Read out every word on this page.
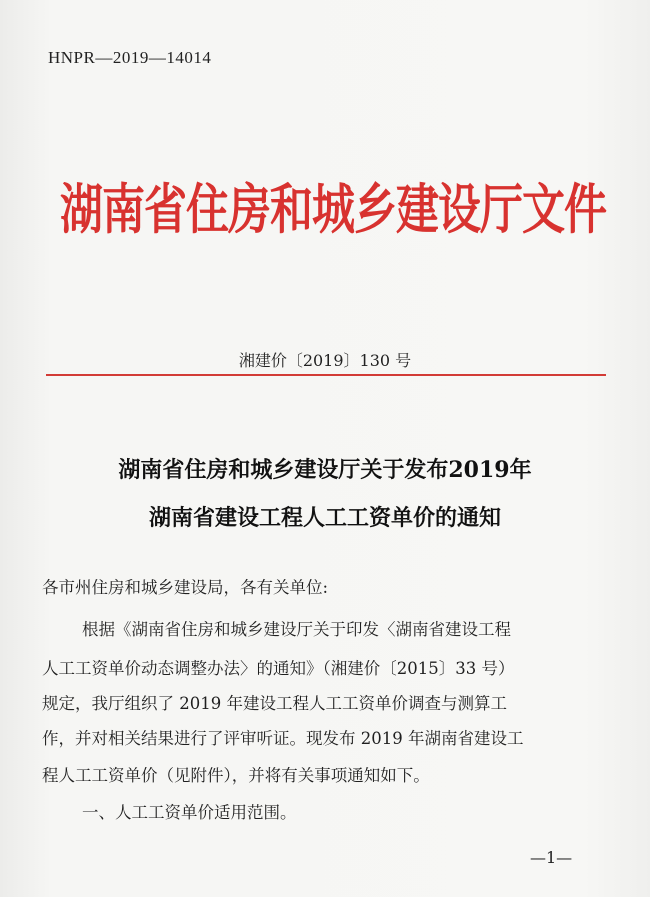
HNPR—2019—14014
湖南省住房和城乡建设厅文件
湘建价〔2019〕130 号
湖南省住房和城乡建设厅关于发布2019年
湖南省建设工程人工工资单价的通知
各市州住房和城乡建设局，各有关单位:
根据《湖南省住房和城乡建设厅关于印发〈湖南省建设工程
人工工资单价动态调整办法〉的通知》（湘建价〔2015〕33 号）
规定，我厅组织了 2019 年建设工程人工工资单价调查与测算工
作，并对相关结果进行了评审听证。现发布 2019 年湖南省建设工
程人工工资单价（见附件），并将有关事项通知如下。
一、人工工资单价适用范围。
—1—
